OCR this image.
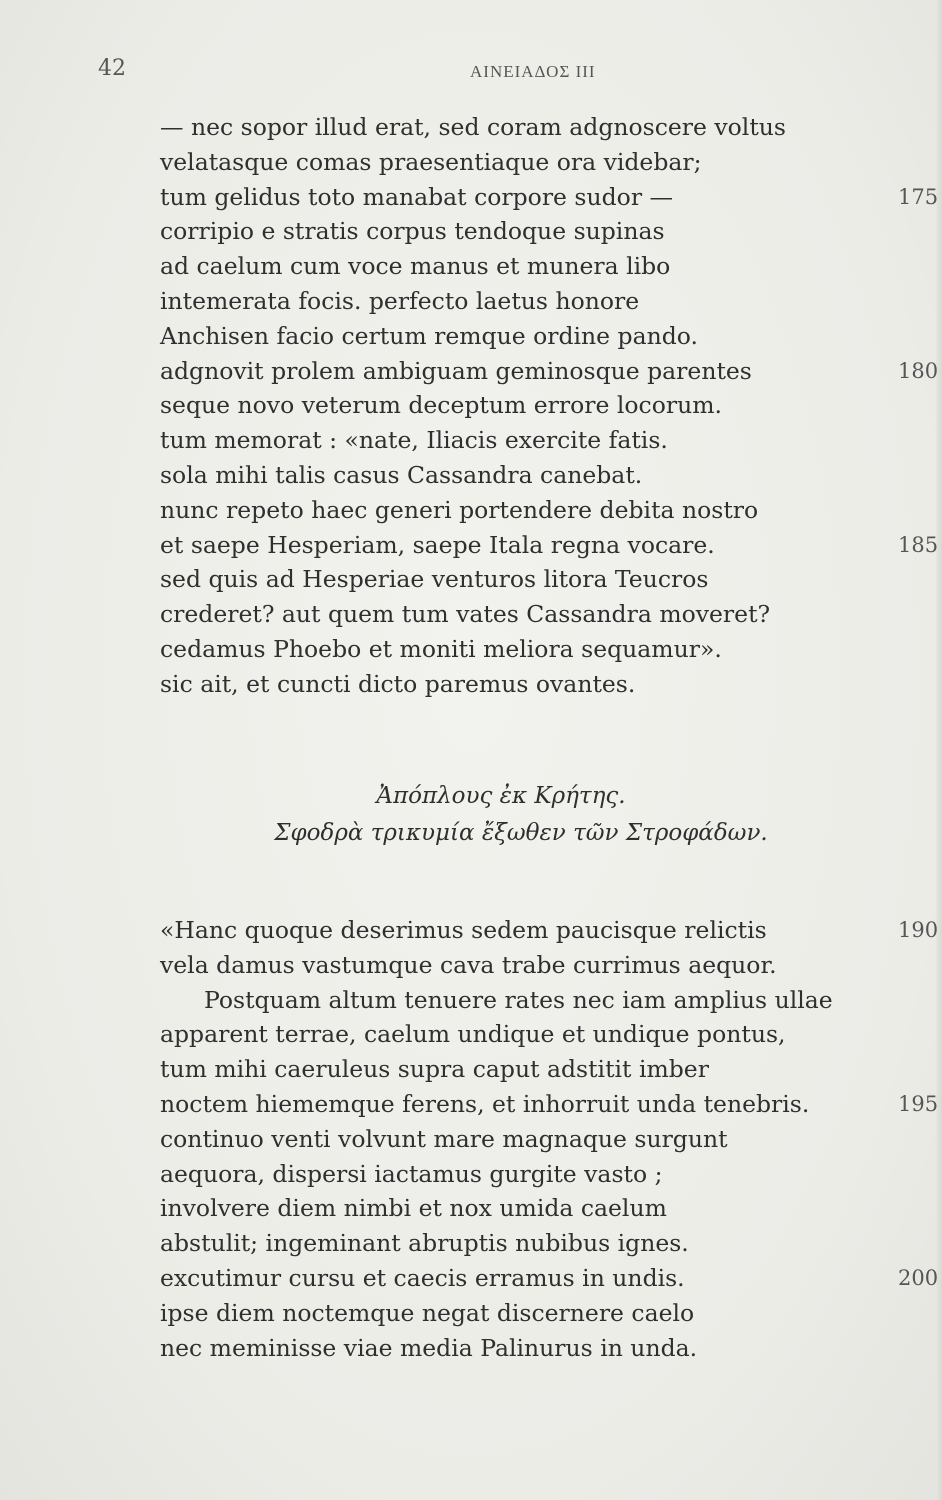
42	ΑΙΝΕΙΑΔΟΣ III
— nec sopor illud erat, sed coram adgnoscere voltus
velatasque comas praesentiaque ora videbar;
tum gelidus toto manabat corpore sudor —	175
corripio e stratis corpus tendoque supinas
ad caelum cum voce manus et munera libo
intemerata focis. perfecto laetus honore
Anchisen facio certum remque ordine pando.
adgnovit prolem ambiguam geminosque parentes	180
seque novo veterum deceptum errore locorum.
tum memorat : «nate, Iliacis exercite fatis.
sola mihi talis casus Cassandra canebat.
nunc repeto haec generi portendere debita nostro
et saepe Hesperiam, saepe Itala regna vocare.	185
sed quis ad Hesperiae venturos litora Teucros
crederet? aut quem tum vates Cassandra moveret?
cedamus Phoebo et moniti meliora sequamur».
sic ait, et cuncti dicto paremus ovantes.
Ἀπόπλους ἐκ Κρήτης.
Σφοδρὰ τρικυμία ἔξωθεν τῶν Στροφάδων.
«Hanc quoque deserimus sedem paucisque relictis	190
vela damus vastumque cava trabe currimus aequor.
Postquam altum tenuere rates nec iam amplius ullae
apparent terrae, caelum undique et undique pontus,
tum mihi caeruleus supra caput adstitit imber
noctem hiememque ferens, et inhorruit unda tenebris.	195
continuo venti volvunt mare magnaque surgunt
aequora, dispersi iactamus gurgite vasto ;
involvere diem nimbi et nox umida caelum
abstulit; ingeminant abruptis nubibus ignes.
excutimur cursu et caecis erramus in undis.	200
ipse diem noctemque negat discernere caelo
nec meminisse viae media Palinurus in unda.
